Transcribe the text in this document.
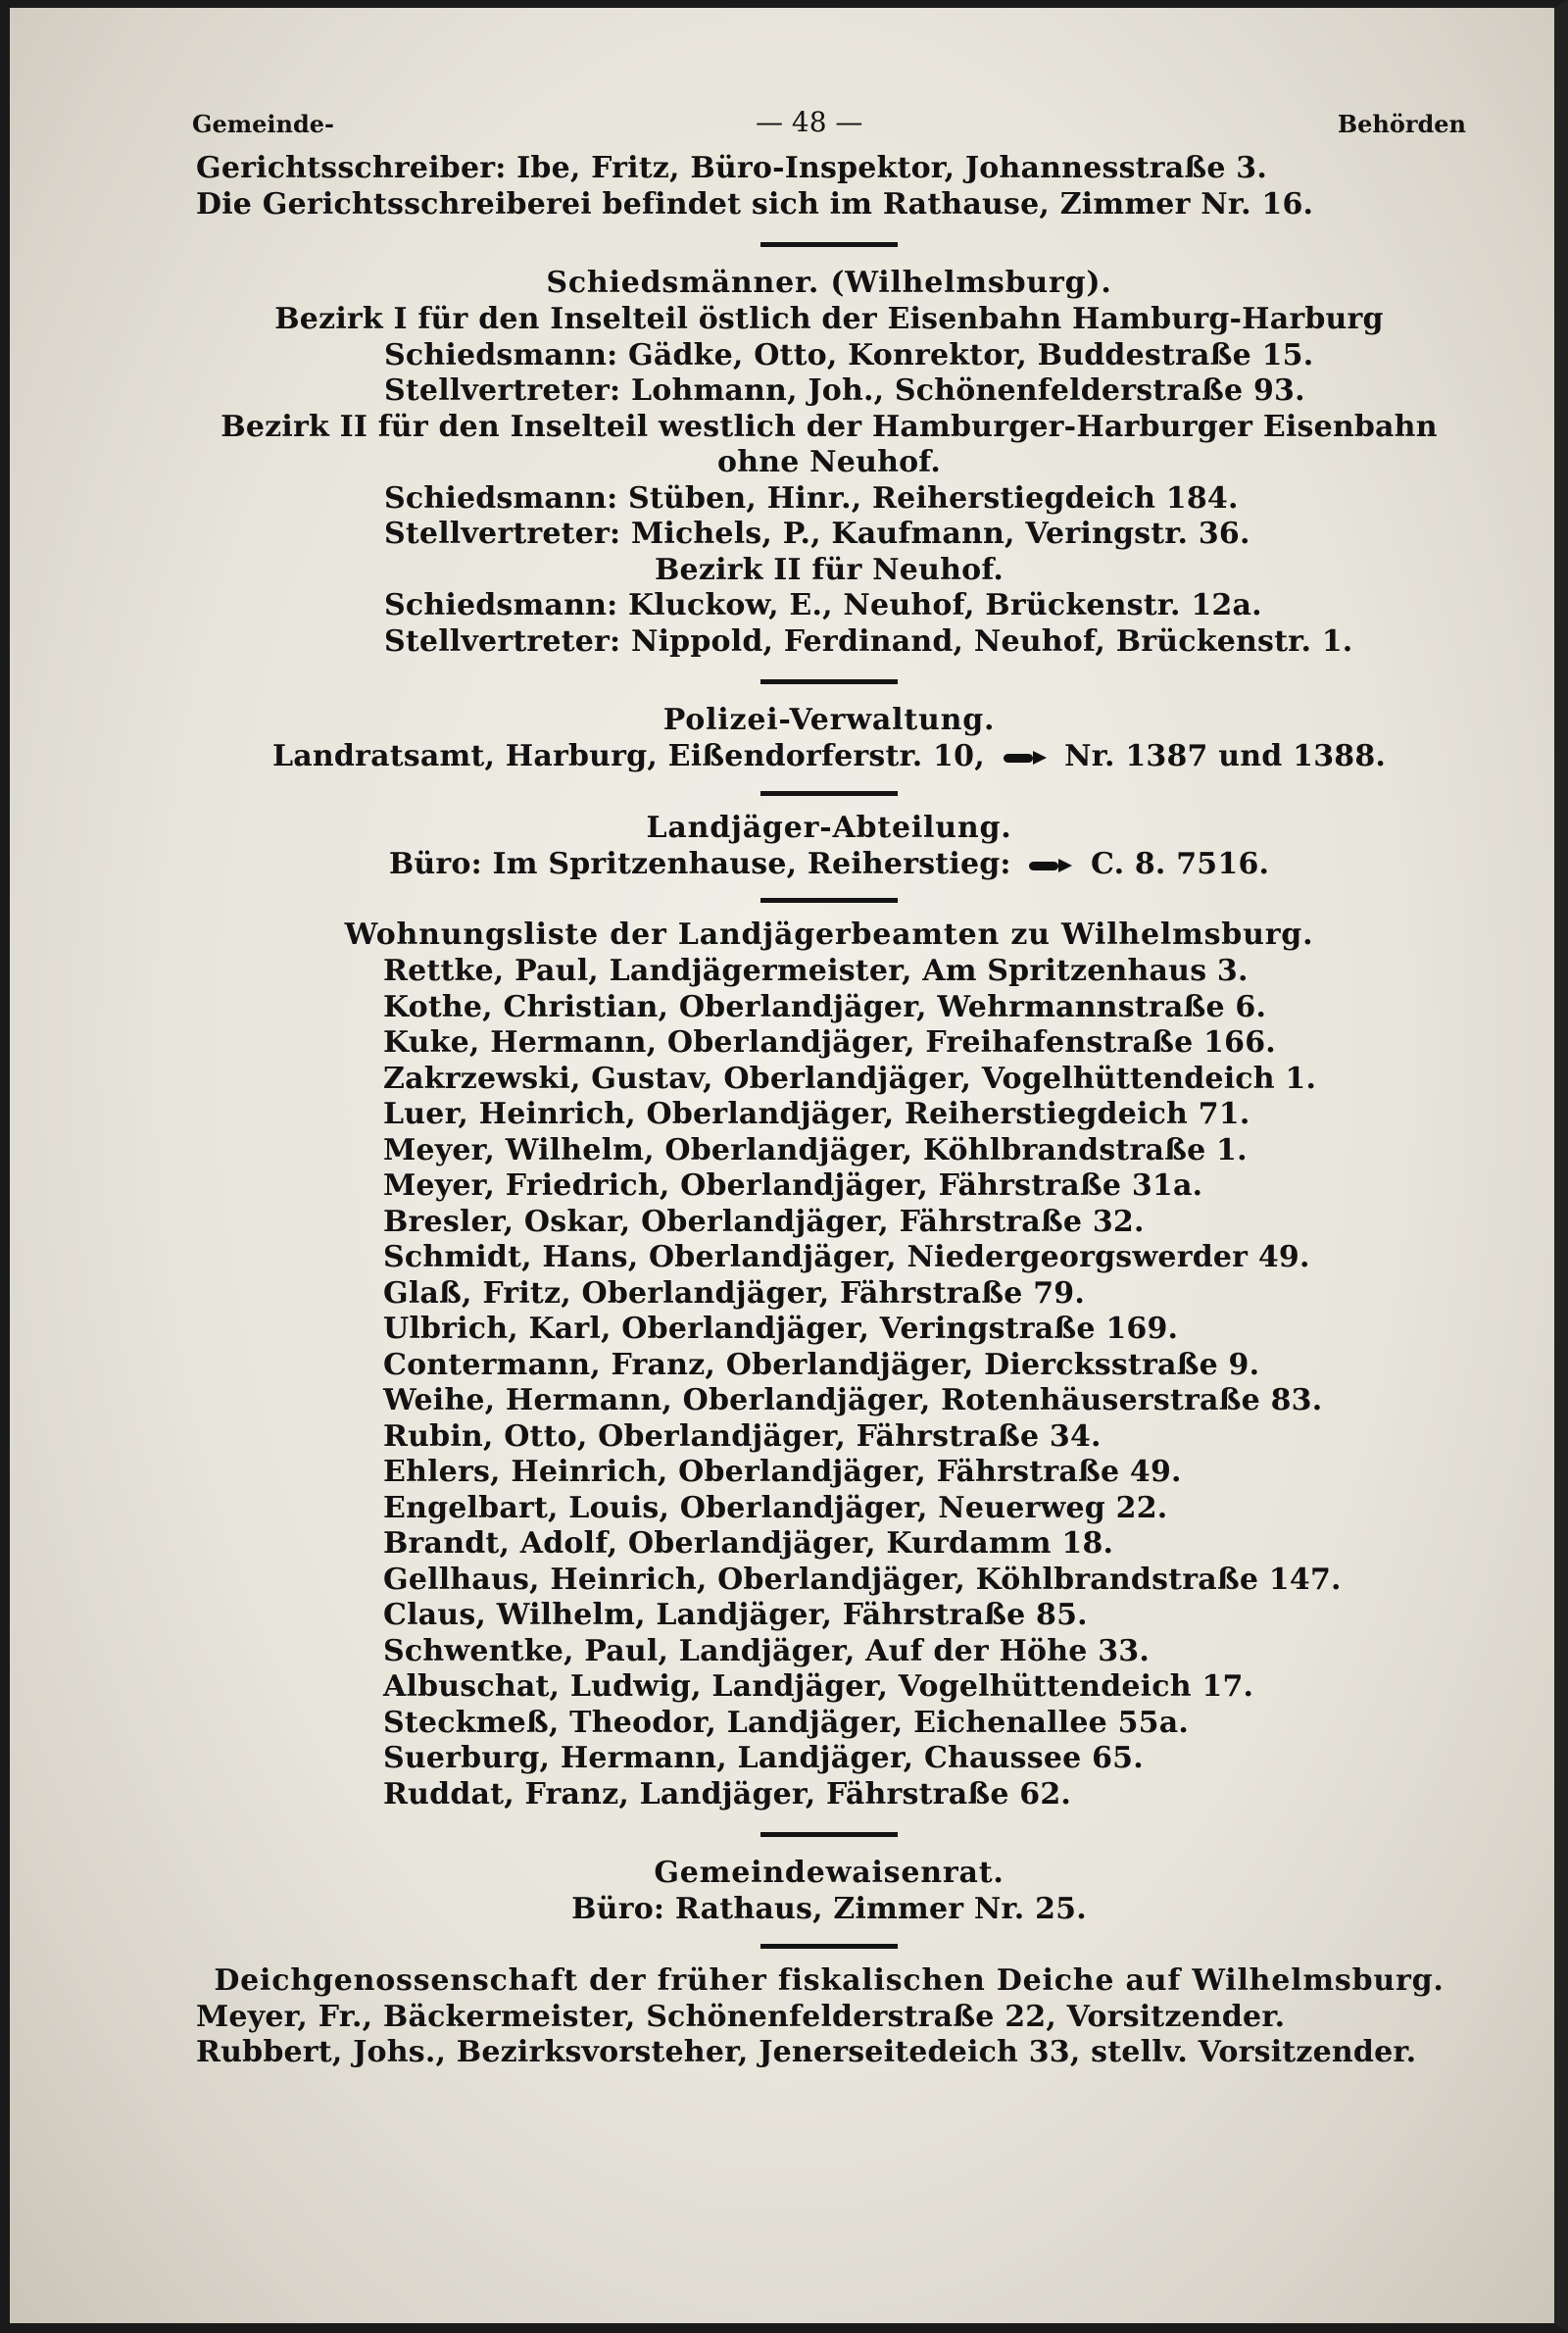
Gemeinde-	— 48 —	Behörden
Gerichtsschreiber: Ibe, Fritz, Büro-Inspektor, Johannesstraße 3.
Die Gerichtsschreiberei befindet sich im Rathause, Zimmer Nr. 16.
Schiedsmänner. (Wilhelmsburg).
Bezirk I für den Inselteil östlich der Eisenbahn Hamburg-Harburg
Schiedsmann: Gädke, Otto, Konrektor, Buddestraße 15.
Stellvertreter: Lohmann, Joh., Schönenfelderstraße 93.
Bezirk II für den Inselteil westlich der Hamburger-Harburger Eisenbahn
ohne Neuhof.
Schiedsmann: Stüben, Hinr., Reiherstiegdeich 184.
Stellvertreter: Michels, P., Kaufmann, Veringstr. 36.
Bezirk II für Neuhof.
Schiedsmann: Kluckow, E., Neuhof, Brückenstr. 12a.
Stellvertreter: Nippold, Ferdinand, Neuhof, Brückenstr. 1.
Polizei-Verwaltung.
Landratsamt, Harburg, Eißendorferstr. 10,	Nr. 1387 und 1388.
Landjäger-Abteilung.
Büro: Im Spritzenhause, Reiherstieg:	C. 8. 7516.
Wohnungsliste der Landjägerbeamten zu Wilhelmsburg.
Rettke, Paul, Landjägermeister, Am Spritzenhaus 3.
Kothe, Christian, Oberlandjäger, Wehrmannstraße 6.
Kuke, Hermann, Oberlandjäger, Freihafenstraße 166.
Zakrzewski, Gustav, Oberlandjäger, Vogelhüttendeich 1.
Luer, Heinrich, Oberlandjäger, Reiherstiegdeich 71.
Meyer, Wilhelm, Oberlandjäger, Köhlbrandstraße 1.
Meyer, Friedrich, Oberlandjäger, Fährstraße 31a.
Bresler, Oskar, Oberlandjäger, Fährstraße 32.
Schmidt, Hans, Oberlandjäger, Niedergeorgswerder 49.
Glaß, Fritz, Oberlandjäger, Fährstraße 79.
Ulbrich, Karl, Oberlandjäger, Veringstraße 169.
Contermann, Franz, Oberlandjäger, Diercksstraße 9.
Weihe, Hermann, Oberlandjäger, Rotenhäuserstraße 83.
Rubin, Otto, Oberlandjäger, Fährstraße 34.
Ehlers, Heinrich, Oberlandjäger, Fährstraße 49.
Engelbart, Louis, Oberlandjäger, Neuerweg 22.
Brandt, Adolf, Oberlandjäger, Kurdamm 18.
Gellhaus, Heinrich, Oberlandjäger, Köhlbrandstraße 147.
Claus, Wilhelm, Landjäger, Fährstraße 85.
Schwentke, Paul, Landjäger, Auf der Höhe 33.
Albuschat, Ludwig, Landjäger, Vogelhüttendeich 17.
Steckmeß, Theodor, Landjäger, Eichenallee 55a.
Suerburg, Hermann, Landjäger, Chaussee 65.
Ruddat, Franz, Landjäger, Fährstraße 62.
Gemeindewaisenrat.
Büro: Rathaus, Zimmer Nr. 25.
Deichgenossenschaft der früher fiskalischen Deiche auf Wilhelmsburg.
Meyer, Fr., Bäckermeister, Schönenfelderstraße 22, Vorsitzender.
Rubbert, Johs., Bezirksvorsteher, Jenerseitedeich 33, stellv. Vorsitzender.
